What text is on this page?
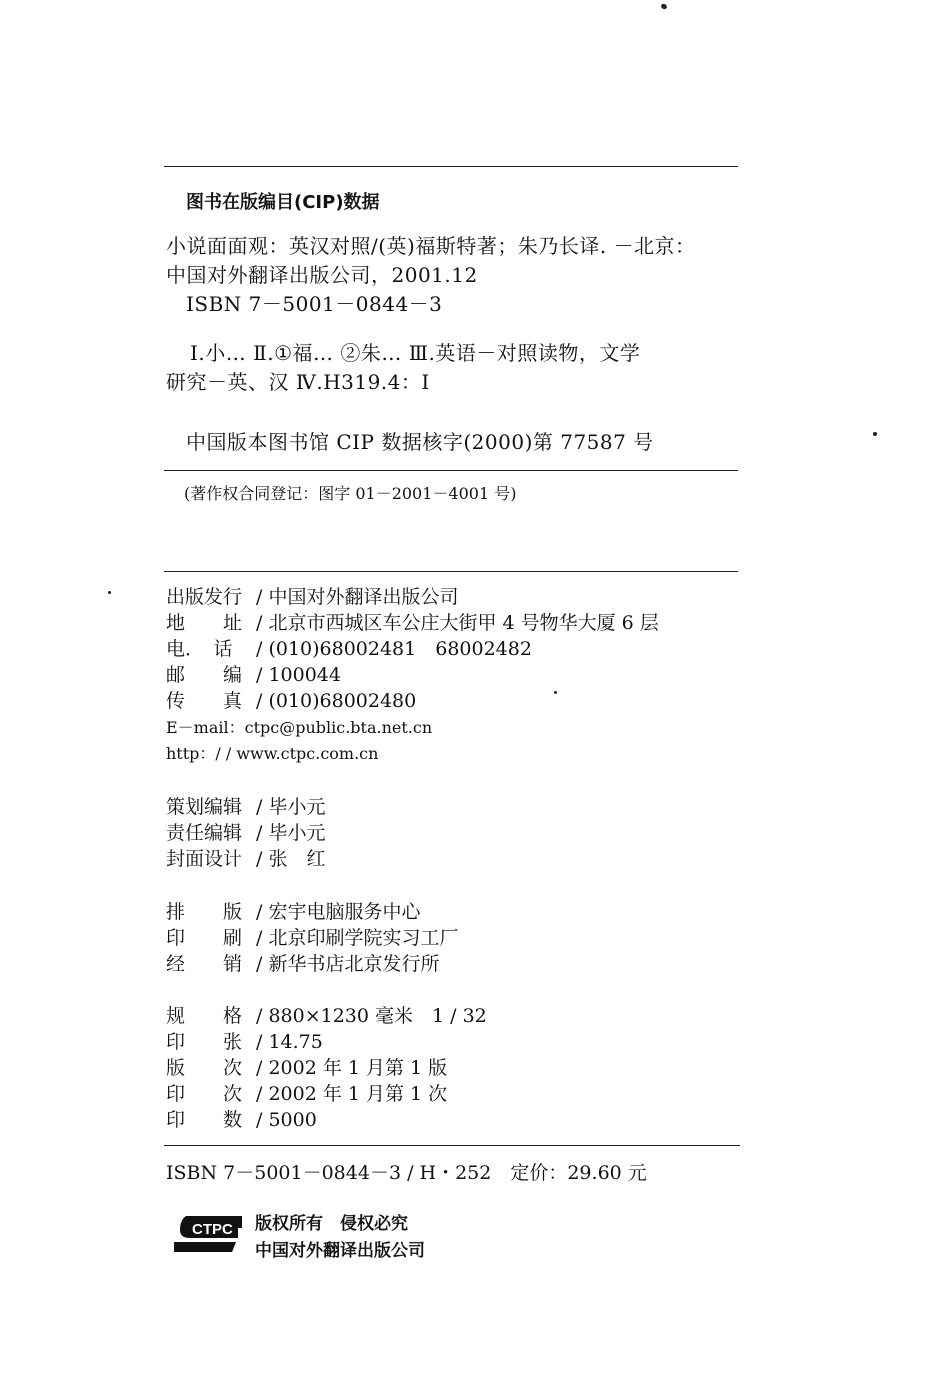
图书在版编目(CIP)数据
小说面面观：英汉对照/(英)福斯特著；朱乃长译. －北京：
中国对外翻译出版公司，2001.12
ISBN 7－5001－0844－3
Ⅰ.小… Ⅱ.①福… ②朱… Ⅲ.英语－对照读物，文学
研究－英、汉 Ⅳ.H319.4：I
中国版本图书馆 CIP 数据核字(2000)第 77587 号
(著作权合同登记：图字 01－2001－4001 号)
出版发行 / 中国对外翻译出版公司
地　　址 / 北京市西城区车公庄大街甲 4 号物华大厦 6 层
电．　话 / (010)68002481　68002482
邮　　编 / 100044
传　　真 / (010)68002480
E－mail：ctpc@public.bta.net.cn
http：/ / www.ctpc.com.cn
策划编辑 / 毕小元
责任编辑 / 毕小元
封面设计 / 张　红
排　　版 / 宏宇电脑服务中心
印　　刷 / 北京印刷学院实习工厂
经　　销 / 新华书店北京发行所
规　　格 / 880×1230 毫米　1 / 32
印　　张 / 14.75
版　　次 / 2002 年 1 月第 1 版
印　　次 / 2002 年 1 月第 1 次
印　　数 / 5000
ISBN 7－5001－0844－3 / H・252　定价：29.60 元
CTPC 版权所有　侵权必究
中国对外翻译出版公司
